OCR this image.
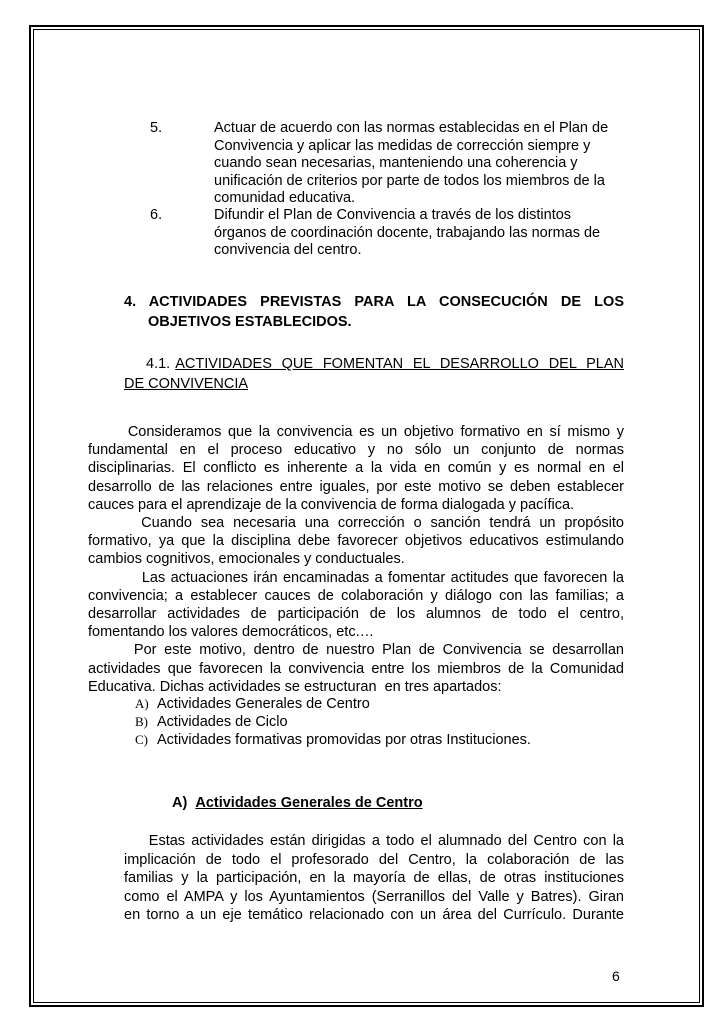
5.	Actuar de acuerdo con las normas establecidas en el Plan de
Convivencia y aplicar las medidas de corrección siempre y
cuando sean necesarias, manteniendo una coherencia y
unificación de criterios por parte de todos los miembros de la
comunidad educativa.
6.	Difundir el Plan de Convivencia a través de los distintos
órganos de coordinación docente, trabajando las normas de
convivencia del centro.
4. ACTIVIDADES PREVISTAS PARA LA CONSECUCIÓN DE LOS
OBJETIVOS ESTABLECIDOS.
4.1. ACTIVIDADES QUE FOMENTAN EL DESARROLLO DEL PLAN
DE CONVIVENCIA
Consideramos que la convivencia es un objetivo formativo en sí mismo y
fundamental en el proceso educativo y no sólo un conjunto de normas
disciplinarias. El conflicto es inherente a la vida en común y es normal en el
desarrollo de las relaciones entre iguales, por este motivo se deben establecer
cauces para el aprendizaje de la convivencia de forma dialogada y pacífica.
Cuando sea necesaria una corrección o sanción tendrá un propósito
formativo, ya que la disciplina debe favorecer objetivos educativos estimulando
cambios cognitivos, emocionales y conductuales.
Las actuaciones irán encaminadas a fomentar actitudes que favorecen la
convivencia; a establecer cauces de colaboración y diálogo con las familias; a
desarrollar actividades de participación de los alumnos de todo el centro,
fomentando los valores democráticos, etc.…
Por este motivo, dentro de nuestro Plan de Convivencia se desarrollan
actividades que favorecen la convivencia entre los miembros de la Comunidad
Educativa. Dichas actividades se estructuran  en tres apartados:
A) Actividades Generales de Centro
B) Actividades de Ciclo
C) Actividades formativas promovidas por otras Instituciones.
A) Actividades Generales de Centro
Estas actividades están dirigidas a todo el alumnado del Centro con la
implicación de todo el profesorado del Centro, la colaboración de las
familias y la participación, en la mayoría de ellas, de otras instituciones
como el AMPA y los Ayuntamientos (Serranillos del Valle y Batres). Giran
en torno a un eje temático relacionado con un área del Currículo. Durante
6
